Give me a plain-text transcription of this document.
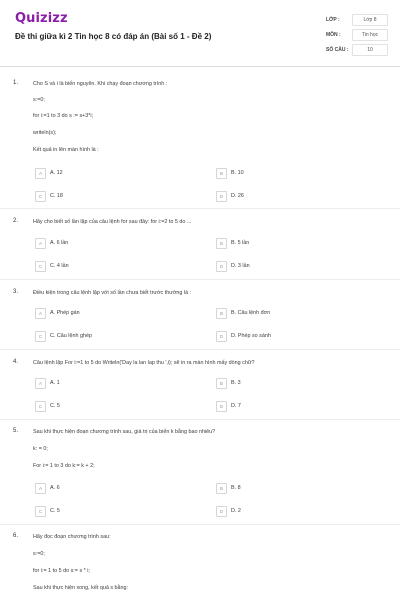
Quizizz
Đề thi giữa kì 2 Tin học 8 có đáp án (Bài số 1 - Đề 2)
LỚP :	Lớp 8
MÔN :	Tin học
SỐ CÂU :	10
1.	Cho S và i là biến nguyên. Khi chạy đoạn chương trình :
s:=0;
for i:=1 to 3 do s := s+3*i;
writeln(s);
Kết quả in lên màn hình là :
A	A. 12	B	B. 10
C	C. 18	D	D. 26
2.	Hãy cho biết số lần lặp của câu lệnh for sau đây: for i:=2 to 5 do ...
A	A. 6 lần	B	B. 5 lần
C	C. 4 lần	D	D. 3 lần
3.	Điều kiện trong câu lệnh lặp với số lần chưa biết trước thường là :
A	A. Phép gán	B	B. Câu lệnh đơn
C	C. Câu lệnh ghép	D	D. Phép so sánh
4.	Câu lệnh lặp For i:=1 to 5 do Writeln('Day la lan lap thu ',i); sẽ in ra màn hình mấy dòng chữ?
A	A. 1	B	B. 3
C	C. 5	D	D. 7
5.	Sau khi thực hiện đoạn chương trình sau, giá trị của biến k bằng bao nhiêu?
k: = 0;
For i:= 1 to 3 do k:= k + 2;
A	A. 6	B	B. 8
C	C. 5	D	D. 2
6.	Hãy đọc đoạn chương trình sau:
s:=0;
for i:= 1 to 5 do s:= s * i;
Sau khi thực hiện xong, kết quả s bằng:
